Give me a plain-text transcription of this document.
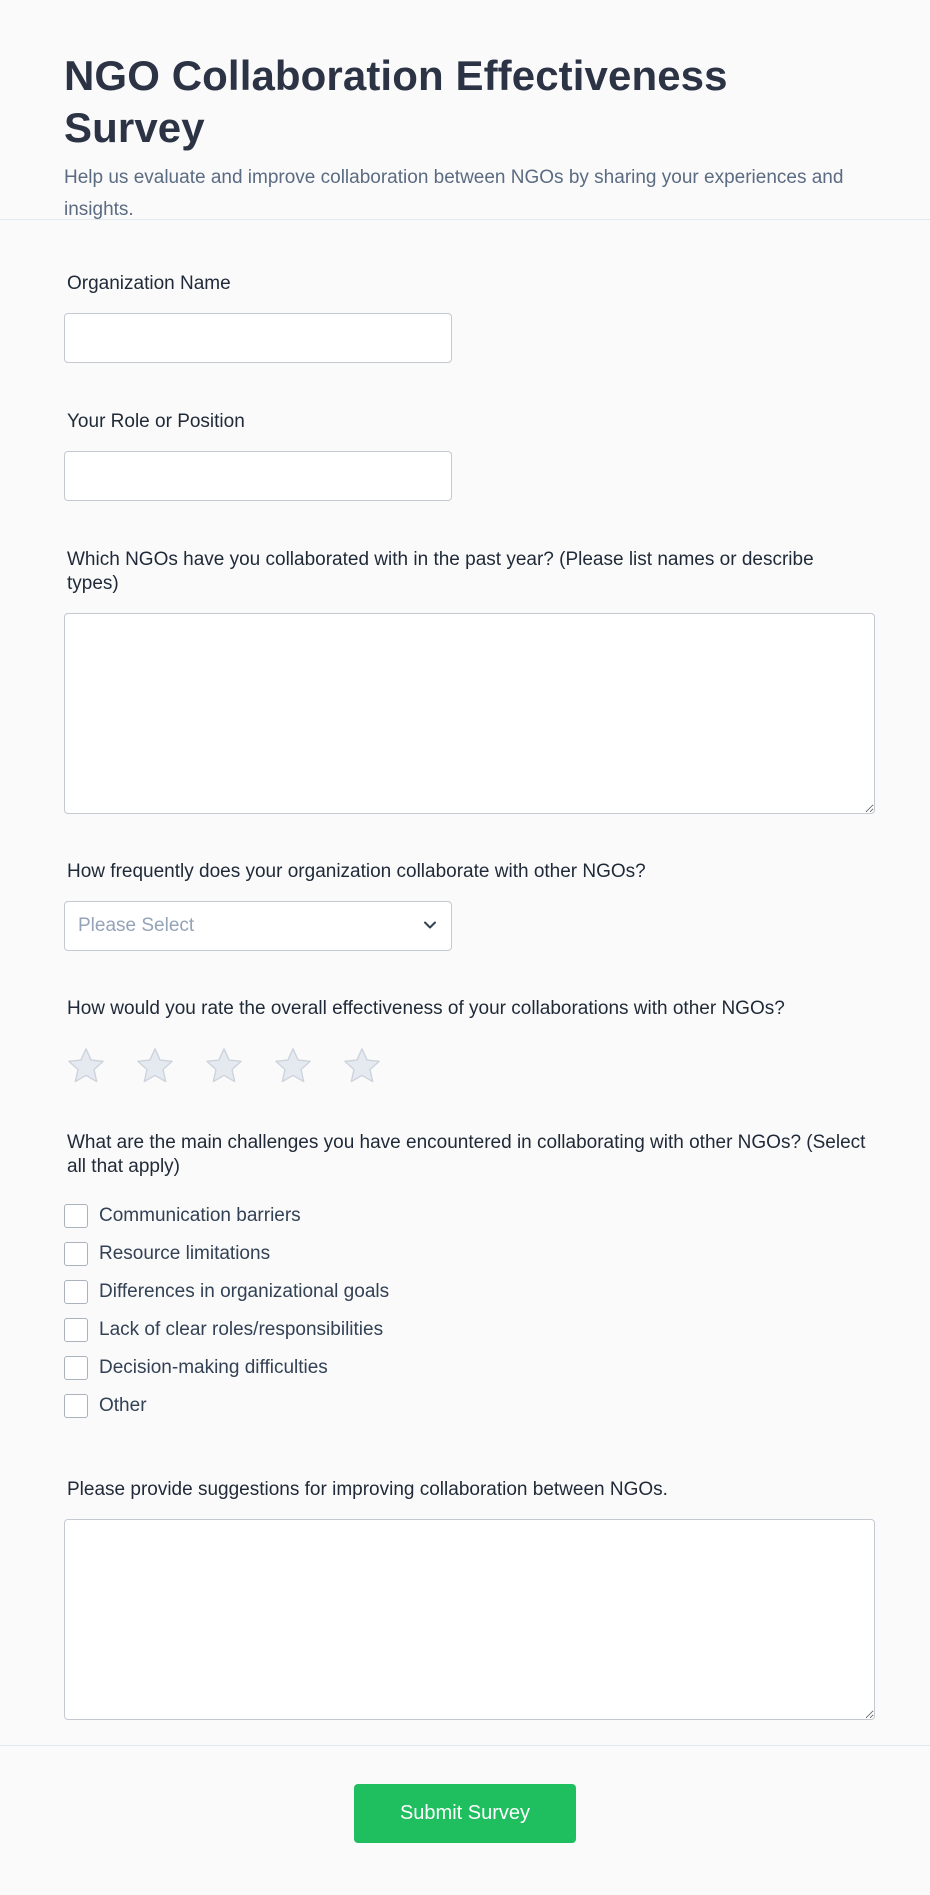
NGO Collaboration Effectiveness Survey

Help us evaluate and improve collaboration between NGOs by sharing your experiences and insights.

Organization Name
Your Role or Position
Which NGOs have you collaborated with in the past year? (Please list names or describe types)
How frequently does your organization collaborate with other NGOs?
Please Select
How would you rate the overall effectiveness of your collaborations with other NGOs?
What are the main challenges you have encountered in collaborating with other NGOs? (Select all that apply)
Communication barriers
Resource limitations
Differences in organizational goals
Lack of clear roles/responsibilities
Decision-making difficulties
Other
Please provide suggestions for improving collaboration between NGOs.
Submit Survey
